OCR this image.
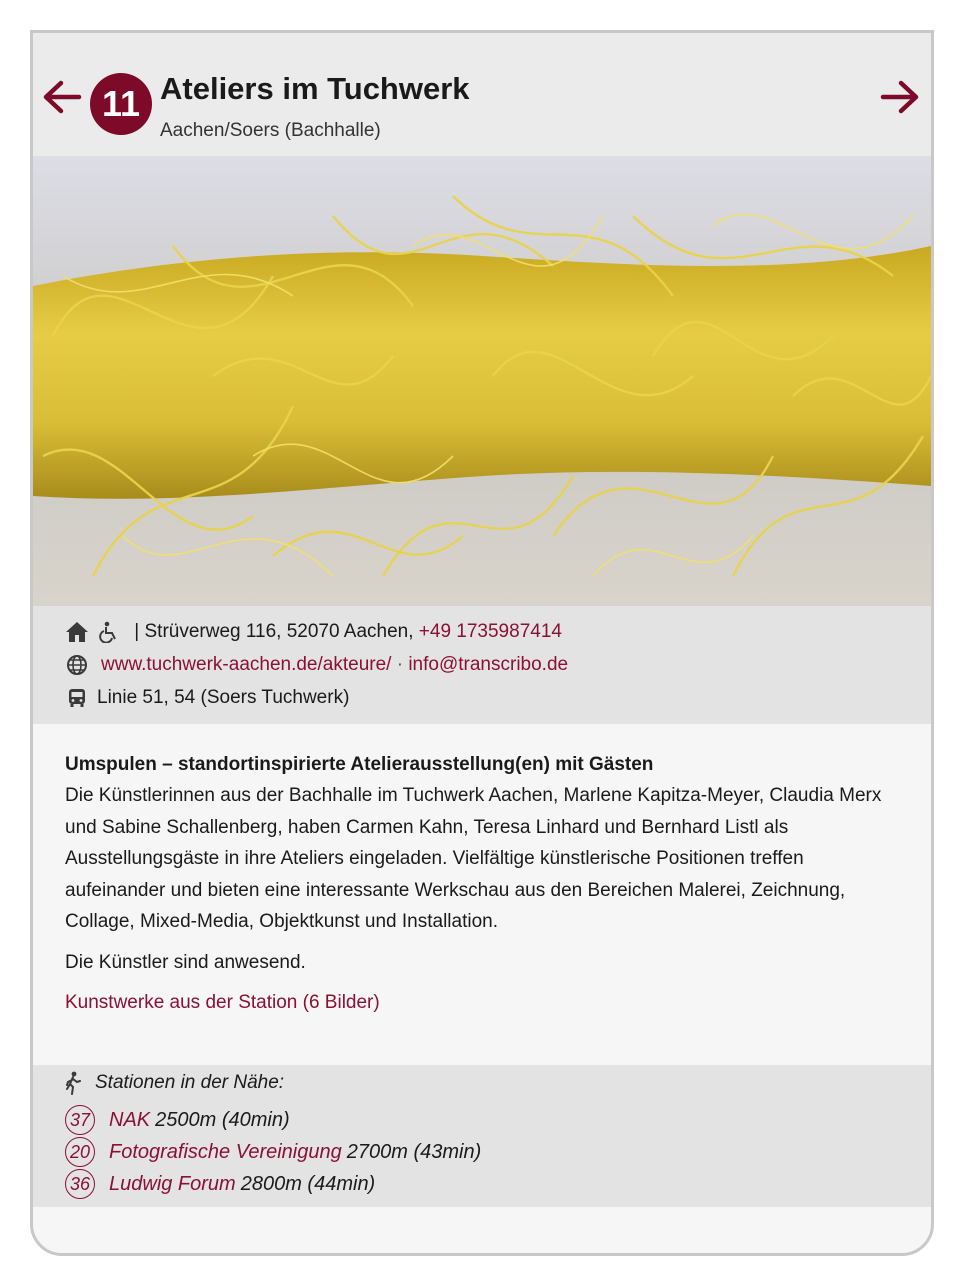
11 Ateliers im Tuchwerk
Aachen/Soers (Bachhalle)
| Strüverweg 116, 52070 Aachen, +49 1735987414
www.tuchwerk-aachen.de/akteure/ · info@transcribo.de
Linie 51, 54 (Soers Tuchwerk)
Umspulen – standortinspirierte Atelierausstellung(en) mit Gästen
Die Künstlerinnen aus der Bachhalle im Tuchwerk Aachen, Marlene Kapitza-Meyer, Claudia Merx und Sabine Schallenberg, haben Carmen Kahn, Teresa Linhard und Bernhard Listl als Ausstellungsgäste in ihre Ateliers eingeladen. Vielfältige künstlerische Positionen treffen aufeinander und bieten eine interessante Werkschau aus den Bereichen Malerei, Zeichnung, Collage, Mixed-Media, Objektkunst und Installation.
Die Künstler sind anwesend.
Kunstwerke aus der Station (6 Bilder)
Stationen in der Nähe:
37 NAK 2500m (40min)
20 Fotografische Vereinigung 2700m (43min)
36 Ludwig Forum 2800m (44min)
